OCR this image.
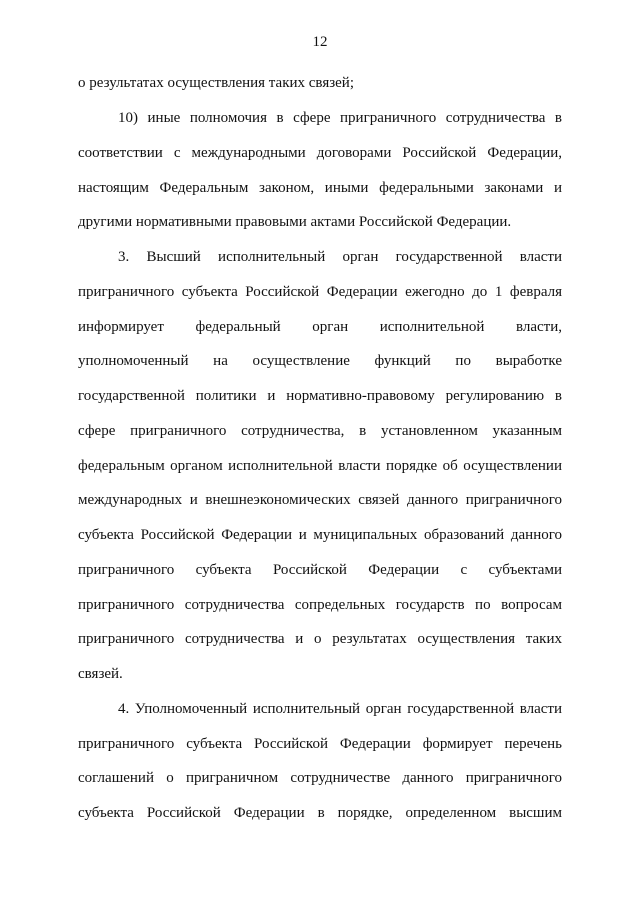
12
о результатах осуществления таких связей;
10) иные полномочия в сфере приграничного сотрудничества в
соответствии с международными договорами Российской Федерации,
настоящим Федеральным законом, иными федеральными законами и
другими нормативными правовыми актами Российской Федерации.
3. Высший исполнительный орган государственной власти
приграничного субъекта Российской Федерации ежегодно до 1 февраля
информирует федеральный орган исполнительной власти,
уполномоченный на осуществление функций по выработке
государственной политики и нормативно-правовому регулированию в
сфере приграничного сотрудничества, в установленном указанным
федеральным органом исполнительной власти порядке об осуществлении
международных и внешнеэкономических связей данного приграничного
субъекта Российской Федерации и муниципальных образований данного
приграничного субъекта Российской Федерации с субъектами
приграничного сотрудничества сопредельных государств по вопросам
приграничного сотрудничества и о результатах осуществления таких
связей.
4. Уполномоченный исполнительный орган государственной власти
приграничного субъекта Российской Федерации формирует перечень
соглашений о приграничном сотрудничестве данного приграничного
субъекта Российской Федерации в порядке, определенном высшим
